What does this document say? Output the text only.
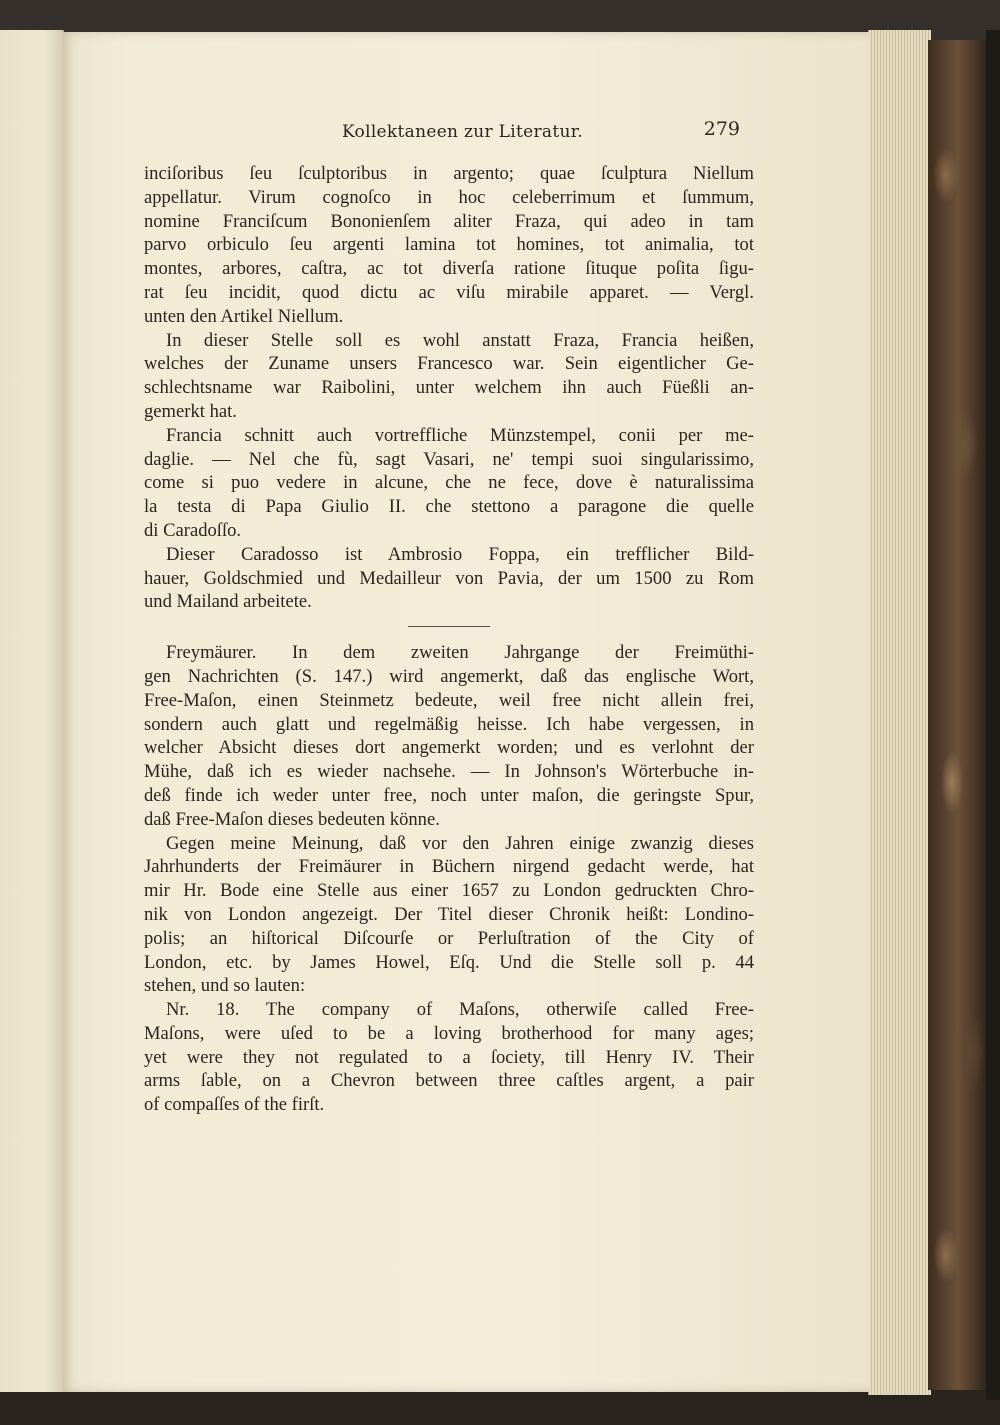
Kollektaneen zur Literatur.	279
inciſoribus ſeu ſculptoribus in argento; quae ſculptura Niellum
appellatur. Virum cognoſco in hoc celeberrimum et ſummum,
nomine Franciſcum Bononienſem aliter Fraza, qui adeo in tam
parvo orbiculo ſeu argenti lamina tot homines, tot animalia, tot
montes, arbores, caſtra, ac tot diverſa ratione ſituque poſita ſigu-
rat ſeu incidit, quod dictu ac viſu mirabile apparet. — Vergl.
unten den Artikel Niellum.
In dieser Stelle soll es wohl anstatt Fraza, Francia heißen,
welches der Zuname unsers Francesco war. Sein eigentlicher Ge-
schlechtsname war Raibolini, unter welchem ihn auch Füeßli an-
gemerkt hat.
Francia schnitt auch vortreffliche Münzstempel, conii per me-
daglie. — Nel che fù, sagt Vasari, ne' tempi suoi singularissimo,
come si puo vedere in alcune, che ne fece, dove è naturalissima
la testa di Papa Giulio II. che stettono a paragone die quelle
di Caradoſſo.
Dieser Caradosso ist Ambrosio Foppa, ein trefflicher Bild-
hauer, Goldschmied und Medailleur von Pavia, der um 1500 zu Rom
und Mailand arbeitete.
Freymäurer. In dem zweiten Jahrgange der Freimüthi-
gen Nachrichten (S. 147.) wird angemerkt, daß das englische Wort,
Free-Maſon, einen Steinmetz bedeute, weil free nicht allein frei,
sondern auch glatt und regelmäßig heisse. Ich habe vergessen, in
welcher Absicht dieses dort angemerkt worden; und es verlohnt der
Mühe, daß ich es wieder nachsehe. — In Johnson's Wörterbuche in-
deß finde ich weder unter free, noch unter maſon, die geringste Spur,
daß Free-Maſon dieses bedeuten könne.
Gegen meine Meinung, daß vor den Jahren einige zwanzig dieses
Jahrhunderts der Freimäurer in Büchern nirgend gedacht werde, hat
mir Hr. Bode eine Stelle aus einer 1657 zu London gedruckten Chro-
nik von London angezeigt. Der Titel dieser Chronik heißt: Londino-
polis; an hiſtorical Diſcourſe or Perluſtration of the City of
London, etc. by James Howel, Eſq. Und die Stelle soll p. 44
stehen, und so lauten:
Nr. 18. The company of Maſons, otherwiſe called Free-
Maſons, were uſed to be a loving brotherhood for many ages;
yet were they not regulated to a ſociety, till Henry IV. Their
arms ſable, on a Chevron between three caſtles argent, a pair
of compaſſes of the firſt.
